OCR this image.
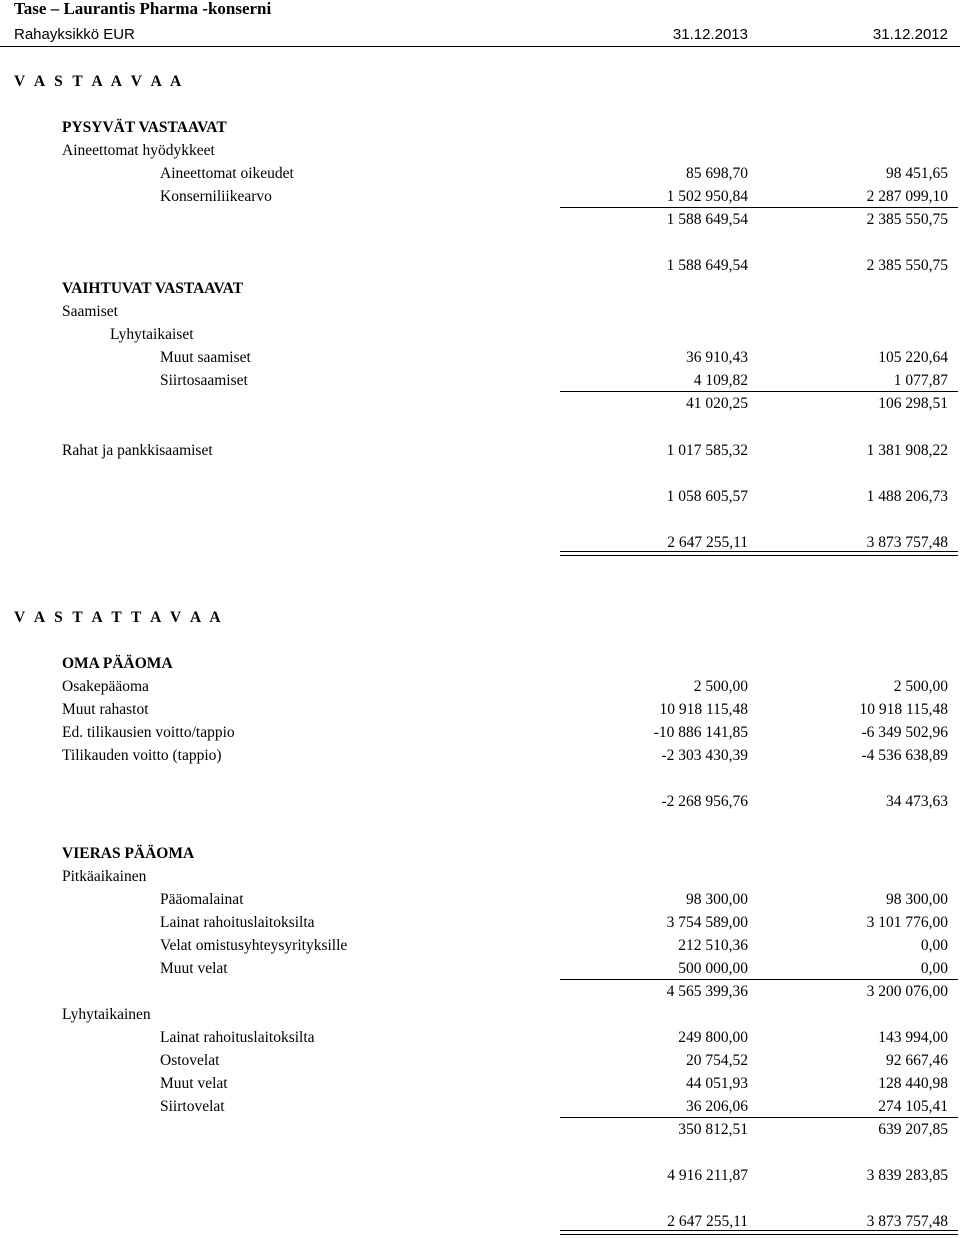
Tase – Laurantis Pharma -konserni
Rahayksikkö EUR	31.12.2013	31.12.2012
V A S T A A V A A
PYSYVÄT VASTAAVAT
Aineettomat hyödykkeet
Aineettomat oikeudet	85 698,70	98 451,65
Konserniliikearvo	1 502 950,84	2 287 099,10
1 588 649,54	2 385 550,75
1 588 649,54	2 385 550,75
VAIHTUVAT VASTAAVAT
Saamiset
Lyhytaikaiset
Muut saamiset	36 910,43	105 220,64
Siirtosaamiset	4 109,82	1 077,87
41 020,25	106 298,51
Rahat ja pankkisaamiset	1 017 585,32	1 381 908,22
1 058 605,57	1 488 206,73
2 647 255,11	3 873 757,48
V A S T A T T A V A A
OMA PÄÄOMA
Osakepääoma	2 500,00	2 500,00
Muut rahastot	10 918 115,48	10 918 115,48
Ed. tilikausien voitto/tappio	-10 886 141,85	-6 349 502,96
Tilikauden voitto (tappio)	-2 303 430,39	-4 536 638,89
-2 268 956,76	34 473,63
VIERAS PÄÄOMA
Pitkäaikainen
Pääomalainat	98 300,00	98 300,00
Lainat rahoituslaitoksilta	3 754 589,00	3 101 776,00
Velat omistusyhteysyrityksille	212 510,36	0,00
Muut velat	500 000,00	0,00
4 565 399,36	3 200 076,00
Lyhytaikainen
Lainat rahoituslaitoksilta	249 800,00	143 994,00
Ostovelat	20 754,52	92 667,46
Muut velat	44 051,93	128 440,98
Siirtovelat	36 206,06	274 105,41
350 812,51	639 207,85
4 916 211,87	3 839 283,85
2 647 255,11	3 873 757,48
